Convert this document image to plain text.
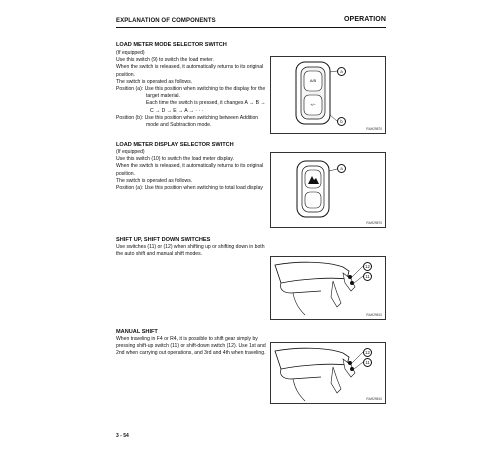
EXPLANATION OF COMPONENTS	OPERATION
LOAD METER MODE SELECTOR SWITCH
(If equipped)
Use this switch (9) to switch the load meter.
When the switch is released, it automatically returns to its original
position.
The switch is operated as follows.
Position (a): Use this position when switching to the display for the
target material.
Each time the switch is pressed, it changes A → B →
C → D → E → A → · · ·
Position (b): Use this position when switching between Addition
mode and Subtraction mode.
A/B
+/−
a
b
RAH29870
LOAD METER DISPLAY SELECTOR SWITCH
(If equipped)
Use this switch (10) to switch the load meter display.
When the switch is released, it automatically returns to its original
position.
The switch is operated as follows.
Position (a): Use this position when switching to total load display
a
RAH29870
SHIFT UP, SHIFT DOWN SWITCHES
Use switches (11) or (12) when shifting up or shifting down in both
the auto shift and manual shift modes.
12
11
RAH29810
MANUAL SHIFT
When traveling in F4 or R4, it is possible to shift gear simply by
pressing shift-up switch (11) or shift-down switch (12). Use 1st and
2nd when carrying out operations, and 3rd and 4th when traveling.	12
11
RAH29810
3 - 54
